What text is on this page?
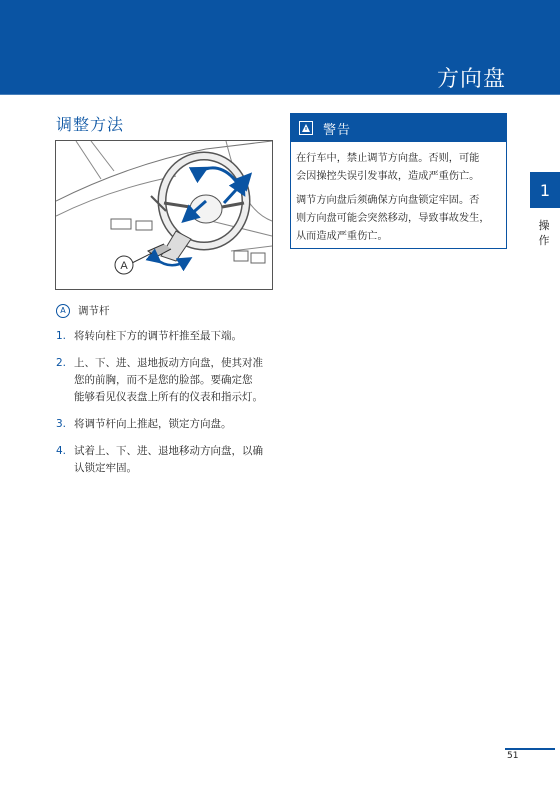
方向盘
调整方法
A
A	调节杆
1. 将转向柱下方的调节杆推至最下端。
2. 上、下、进、退地扳动方向盘，使其对准
您的前胸，而不是您的脸部。要确定您
能够看见仪表盘上所有的仪表和指示灯。
3. 将调节杆向上推起，锁定方向盘。
4. 试着上、下、进、退地移动方向盘，以确
认锁定牢固。
警告

在行车中，禁止调节方向盘。否则，可能
会因操控失误引发事故，造成严重伤亡。

调节方向盘后须确保方向盘锁定牢固。否
则方向盘可能会突然移动，导致事故发生，
从而造成严重伤亡。

1
操
作
51
